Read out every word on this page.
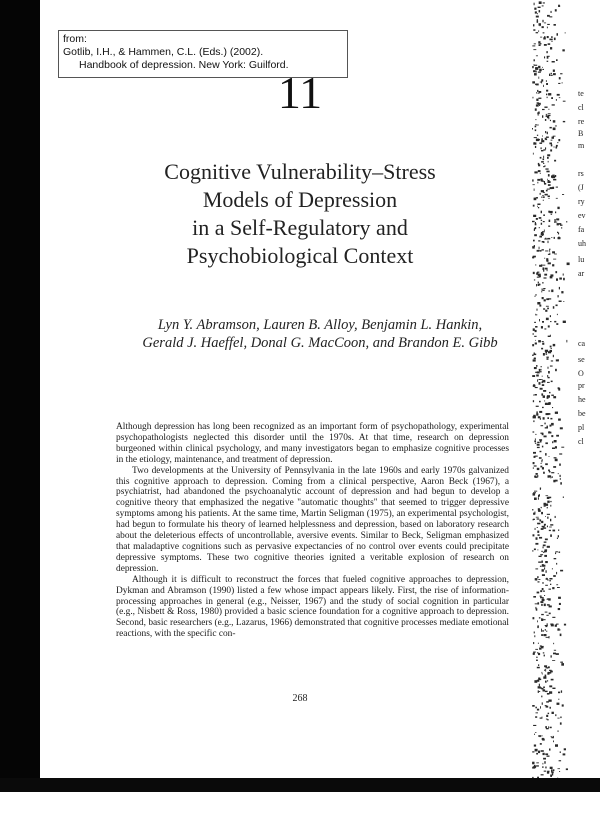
te
cl
re
B
m
rs
(J
ry
ev
fa
uh
lu
ar
ca
se
O
pr
he
be
pl
cl
from:
Gotlib, I.H., & Hammen, C.L. (Eds.) (2002).
Handbook of depression. New York: Guilford.
11
Cognitive Vulnerability–Stress
Models of Depression
in a Self-Regulatory and
Psychobiological Context
Lyn Y. Abramson, Lauren B. Alloy, Benjamin L. Hankin,
Gerald J. Haeffel, Donal G. MacCoon, and Brandon E. Gibb

Although depression has long been recognized as an important form of psychopathology, experimental psychopathologists neglected this disorder until the 1970s. At that time, research on depression burgeoned within clinical psychology, and many investigators began to emphasize cognitive processes in the etiology, maintenance, and treatment of depression.

Two developments at the University of Pennsylvania in the late 1960s and early 1970s galvanized this cognitive approach to depression. Coming from a clinical perspective, Aaron Beck (1967), a psychiatrist, had abandoned the psychoanalytic account of depression and had begun to develop a cognitive theory that emphasized the negative "automatic thoughts" that seemed to trigger depressive symptoms among his patients. At the same time, Martin Seligman (1975), an experimental psychologist, had begun to formulate his theory of learned helplessness and depression, based on laboratory research about the deleterious effects of uncontrollable, aversive events. Similar to Beck, Seligman emphasized that maladaptive cognitions such as pervasive expectancies of no control over events could precipitate depressive symptoms. These two cognitive theories ignited a veritable explosion of research on depression.

Although it is difficult to reconstruct the forces that fueled cognitive approaches to depression, Dykman and Abramson (1990) listed a few whose impact appears likely. First, the rise of information-processing approaches in general (e.g., Neisser, 1967) and the study of social cognition in particular (e.g., Nisbett & Ross, 1980) provided a basic science foundation for a cognitive approach to depression. Second, basic researchers (e.g., Lazarus, 1966) demonstrated that cognitive processes mediate emotional reactions, with the specific con-

268
